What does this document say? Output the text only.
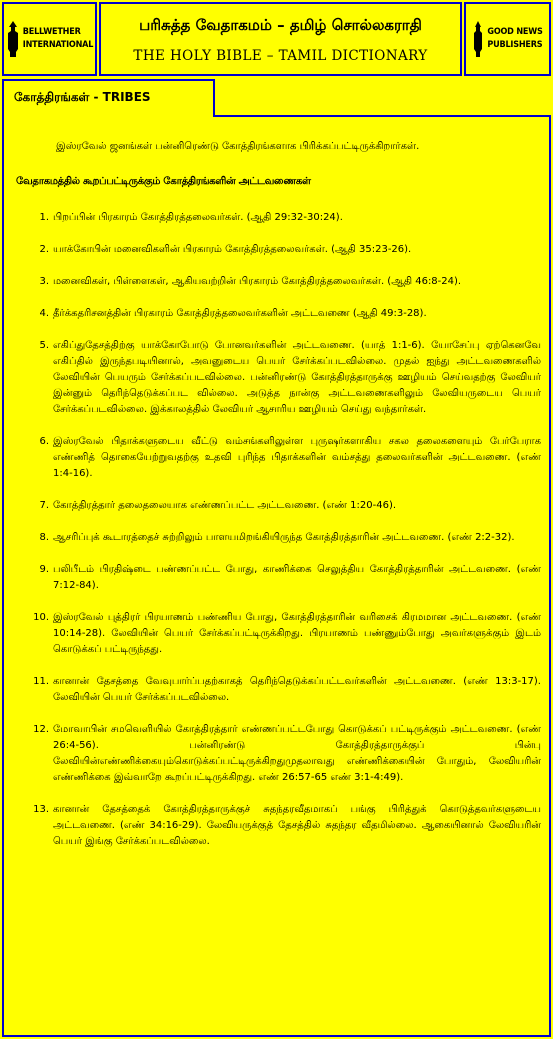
BELLWETHER
INTERNATIONAL
பரிசுத்த வேதாகமம் – தமிழ் சொல்லகராதி
THE HOLY BIBLE – TAMIL DICTIONARY
GOOD NEWS
PUBLISHERS
கோத்திரங்கள் - TRIBES
இஸ்ரவேல் ஜனங்கள் பன்னிரெண்டு கோத்திரங்களாக பிரிக்கப்பட்டிருக்கிறார்கள்.
வேதாகமத்தில் கூறப்பட்டிருக்கும் கோத்திரங்களின் அட்டவணைகள்
1. பிறப்பின் பிரகாரம் கோத்திரத்தலைவர்கள். (ஆதி 29:32-30:24).
2. யாக்கோபின் மனைவிகளின் பிரகாரம் கோத்திரத்தலைவர்கள். (ஆதி 35:23-26).
3. மனைவிகள், பிள்ளைகள், ஆகியவற்றின் பிரகாரம் கோத்திரத்தலைவர்கள். (ஆதி 46:8-24).
4. தீர்க்கதரிசனத்தின் பிரகாரம் கோத்திரத்தலைவர்களின் அட்டவணை (ஆதி 49:3-28).
5. எகிப்துதேசத்திற்கு யாக்கோபோடு போனவர்களின் அட்டவணை. (யாத் 1:1-6). யோசேப்பு ஏற்கெனவே எகிப்தில் இருந்தபடியினால், அவனுடைய பெயர் சேர்க்கப்படவில்லை. முதல் ஐந்து அட்டவணைகளில் லேவியின் பெயரும் சேர்க்கப்படவில்லை. பன்னிரண்டு கோத்திரத்தாருக்கு ஊழியம் செய்வதற்கு லேவியர் இன்னும் தெரிந்தெடுக்கப்பட வில்லை. அடுத்த நான்கு அட்டவணைகளிலும் லேவியருடைய பெயர் சேர்க்கப்படவில்லை. இக்காலத்தில் லேவியர் ஆசாரிய ஊழியம் செய்து வந்தார்கள்.
6. இஸ்ரவேல் பிதாக்களுடைய வீட்டு வம்சங்களிலுள்ள புருஷர்களாகிய சகல தலைகளையும் பேர்பேராக எண்ணித் தொகையேற்றுவதற்கு உதவி புரிந்த பிதாக்களின் வம்சத்து தலைவர்களின் அட்டவணை. (எண் 1:4-16).
7. கோத்திரத்தார் தலைதலையாக எண்ணப்பட்ட அட்டவணை. (எண் 1:20-46).
8. ஆசரிப்புக் கூடாரத்தைச் சுற்றிலும் பாளயமிறங்கியிருந்த கோத்திரத்தாரின் அட்டவணை. (எண் 2:2-32).
9. பலிபீடம் பிரதிஷ்டை பண்ணப்பட்ட போது, காணிக்கை செலுத்திய கோத்திரத்தாரின் அட்டவணை. (எண் 7:12-84).
10. இஸ்ரவேல் புத்திரர் பிரயாணம் பண்ணிய போது, கோத்திரத்தாரின் வரிசைக் கிரமமான அட்டவணை. (எண் 10:14-28). லேவியின் பெயர் சேர்க்கப்பட்டிருக்கிறது. பிரயாணம் பண்ணும்போது அவர்களுக்கும் இடம் கொடுக்கப் பட்டிருந்தது.
11. கானான் தேசத்தை வேவுபார்ப்பதற்காகத் தெரிந்தெடுக்கப்பட்டவர்களின் அட்டவணை. (எண் 13:3-17). லேவியின் பெயர் சேர்க்கப்படவில்லை.
12. மோவாபின் சமவெளியில் கோத்திரத்தார் எண்ணப்பட்டபோது கொடுக்கப் பட்டிருக்கும் அட்டவணை. (எண் 26:4-56). பன்னிரண்டு கோத்திரத்தாருக்குப் பின்பு லேவியின்எண்ணிக்கையும்கொடுக்கப்பட்டிருக்கிறதுமுதலாவது எண்ணிக்கையின் போதும், லேவியரின் எண்ணிக்கை இவ்வாறே கூறப்பட்டிருக்கிறது. எண் 26:57-65 எண் 3:1-4:49).
13. கானான் தேசத்தைக் கோத்திரத்தாருக்குச் சுதந்தரவீதமாகப் பங்கு பிரித்துக் கொடுத்தவர்களுடைய அட்டவணை. (எண் 34:16-29). லேவியருக்குத் தேசத்தில் சுதந்தர வீதமில்லை. ஆகையினால் லேவியரின் பெயர் இங்கு சேர்க்கப்படவில்லை.
